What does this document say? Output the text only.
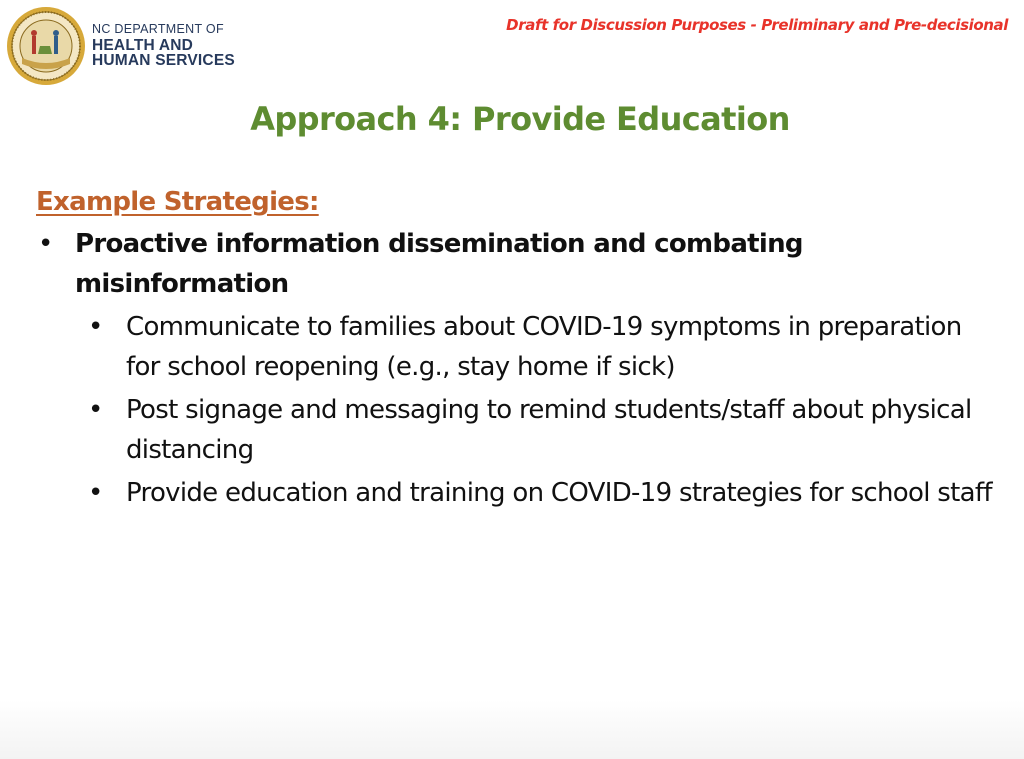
NC DEPARTMENT OF
HEALTH AND
HUMAN SERVICES
Draft for Discussion Purposes - Preliminary and Pre-decisional
Approach 4: Provide Education
Example Strategies:
• Proactive information dissemination and combating misinformation
• Communicate to families about COVID-19 symptoms in preparation for school reopening (e.g., stay home if sick)
• Post signage and messaging to remind students/staff about physical distancing
• Provide education and training on COVID-19 strategies for school staff
